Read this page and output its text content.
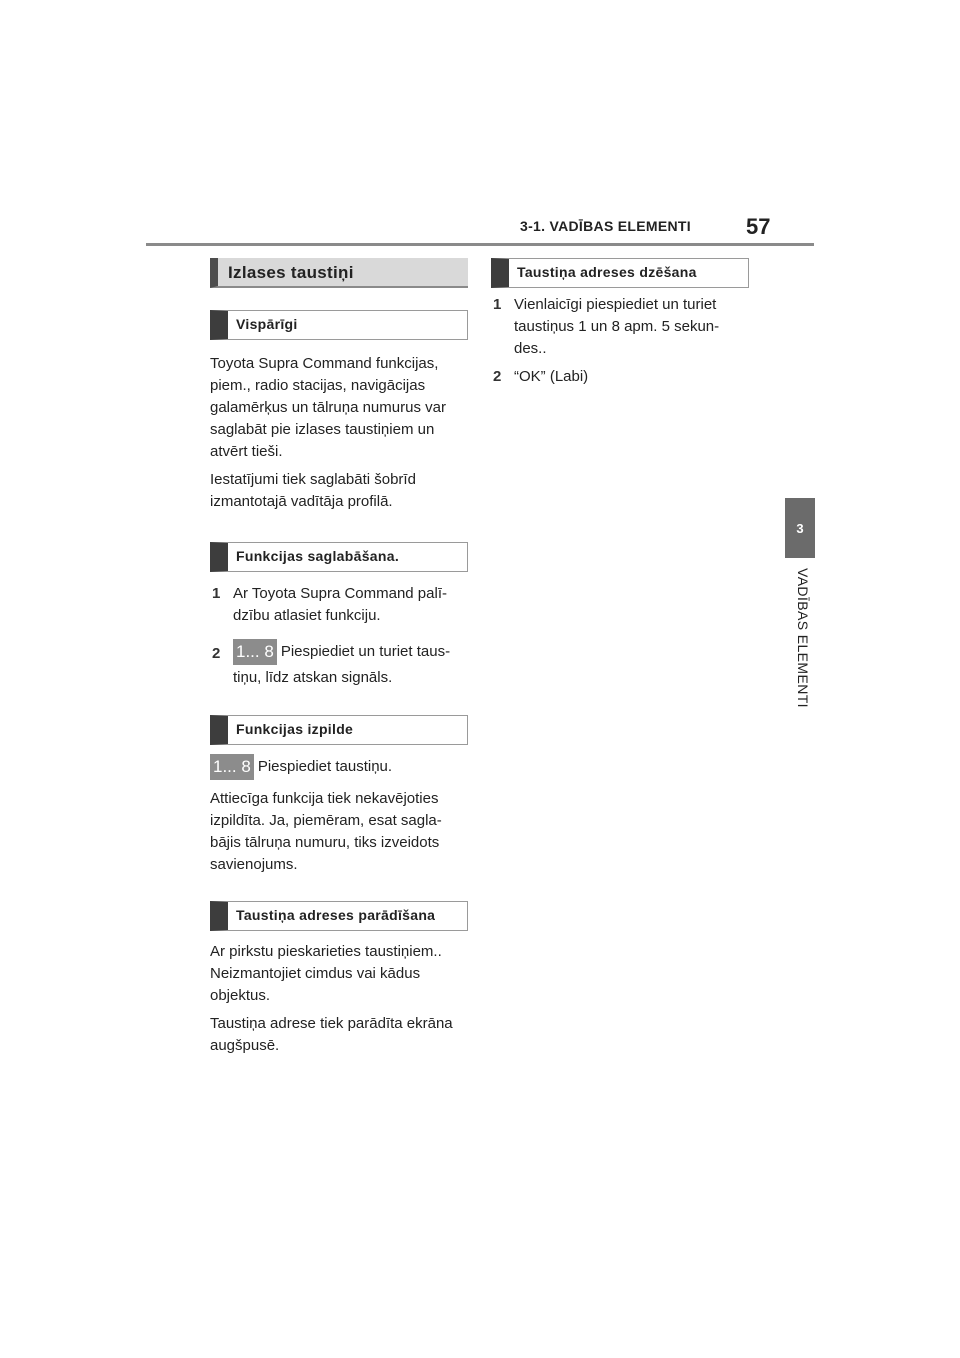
3-1. VADĪBAS ELEMENTI	57
3
VADĪBAS ELEMENTI
Izlases taustiņi
Vispārīgi

Toyota Supra Command funkcijas, piem., radio stacijas, navigācijas galamērķus un tālruņa numurus var saglabāt pie izlases taustiņiem un atvērt tieši.

Iestatījumi tiek saglabāti šobrīd izmantotajā vadītāja profilā.

Funkcijas saglabāšana.
1 Ar Toyota Supra Command palī-dzību atlasiet funkciju.
2 1... 8 Piespiediet un turiet taus-tiņu, līdz atskan signāls.
Funkcijas izpilde
1... 8 Piespiediet taustiņu.

Attiecīga funkcija tiek nekavējoties izpildīta. Ja, piemēram, esat sagla-bājis tālruņa numuru, tiks izveidots savienojums.

Taustiņa adreses parādīšana

Ar pirkstu pieskarieties taustiņiem.. Neizmantojiet cimdus vai kādus objektus.

Taustiņa adrese tiek parādīta ekrāna augšpusē.

Taustiņa adreses dzēšana
1 Vienlaicīgi piespiediet un turiet taustiņus 1 un 8 apm. 5 sekun-des..
2 “OK” (Labi)
